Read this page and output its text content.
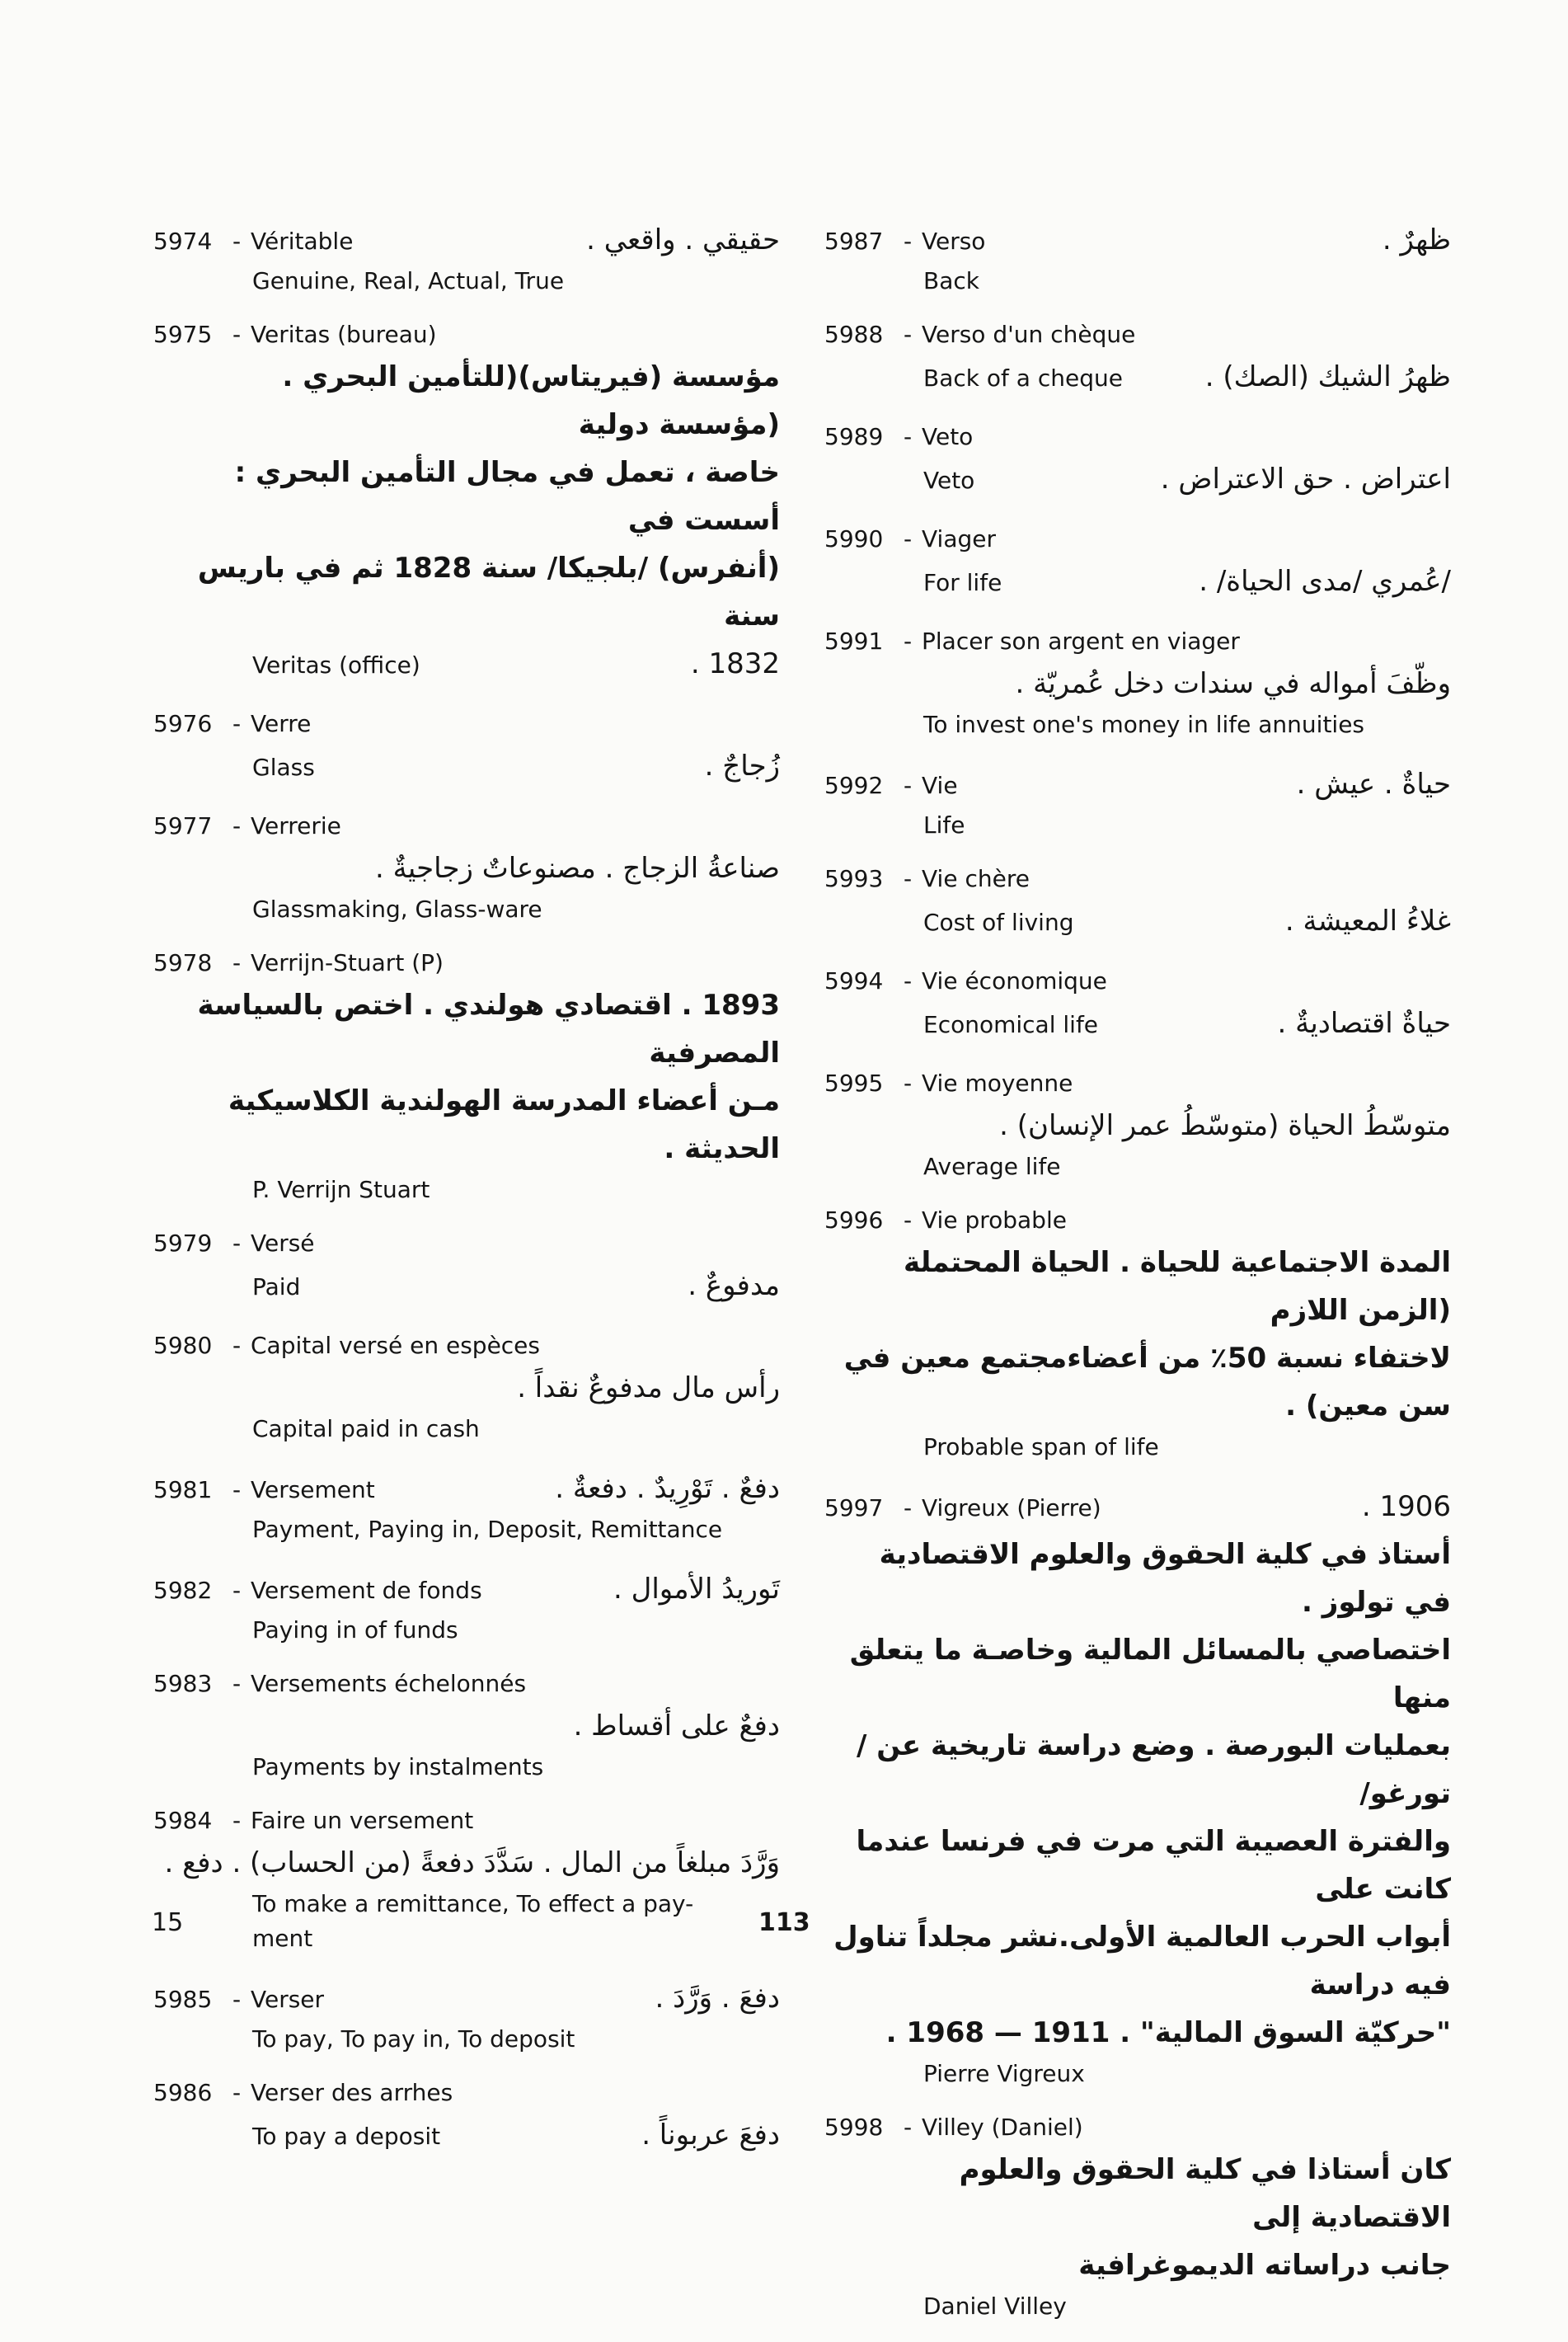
5974 - Véritable	حقيقي . واقعي .
Genuine, Real, Actual, True
5975 - Veritas (bureau)
مؤسسة (فيريتاس)(للتأمين البحري . (مؤسسة دولية
خاصة ، تعمل في مجال التأمين البحري : أسست في
(أنفرس) /بلجيكا/ سنة 1828 ثم في باريس سنة
Veritas (office)	1832 .
5976 - Verre
Glass	زُجاجٌ .
5977 - Verrerie
صناعةُ الزجاج . مصنوعاتٌ زجاجيةٌ .
Glassmaking, Glass-ware
5978 - Verrijn-Stuart (P)
1893 . اقتصادي هولندي . اختص بالسياسة المصرفية
مـن أعضاء المدرسة الهولندية الكلاسيكية الحديثة .
P. Verrijn Stuart
5979 - Versé
Paid	مدفوعٌ .
5980 - Capital versé en espèces
رأس مال مدفوعٌ نقداً .
Capital paid in cash
5981 - Versement	دفعٌ . تَوْرِيدٌ . دفعةٌ .
Payment, Paying in, Deposit, Remittance
5982 - Versement de fonds	تَوريدُ الأموال .
Paying in of funds
5983 - Versements échelonnés
دفعٌ على أقساط .
Payments by instalments
5984 - Faire un versement
وَرَّدَ مبلغاً من المال . سَدَّدَ دفعةً (من الحساب) . دفع .
To make a remittance, To effect a pay-
ment
5985 - Verser	دفعَ . وَرَّدَ .
To pay, To pay in, To deposit
5986 - Verser des arrhes
To pay a deposit	دفعَ عربوناً .
5987 - Verso	ظهرٌ .
Back
5988 - Verso d'un chèque
Back of a cheque	ظهرُ الشيك (الصك) .
5989 - Veto
Veto	اعتراض . حق الاعتراض .
5990 - Viager
For life	/عُمري /مدى الحياة/ .
5991 - Placer son argent en viager
وظّفَ أمواله في سندات دخل عُمريّة .
To invest one's money in life annuities
5992 - Vie	حياةٌ . عيش .
Life
5993 - Vie chère
Cost of living	غلاءُ المعيشة .
5994 - Vie économique
Economical life	حياةٌ اقتصاديةٌ .
5995 - Vie moyenne
متوسّطُ الحياة (متوسّطُ عمر الإنسان) .
Average life
5996 - Vie probable
المدة الاجتماعية للحياة . الحياة المحتملة (الزمن اللازم
لاختفاء نسبة 50٪ من أعضاءمجتمع معين في سن معين) .
Probable span of life
5997 - Vigreux (Pierre)	1906 .
أستاذ في كلية الحقوق والعلوم الاقتصادية في تولوز .
اختصاصي بالمسائل المالية وخاصـة ما يتعلق منها
بعمليات البورصة . وضع دراسة تاريخية عن / تورغو/
والفترة العصيبة التي مرت في فرنسا عندما كانت على
أبواب الحرب العالمية الأولى.نشر مجلداً تناول فيه دراسة
"حركيّة السوق المالية" . 1911 — 1968 .
Pierre Vigreux
5998 - Villey (Daniel)
كان أستاذا في كلية الحقوق والعلوم الاقتصادية إلى
جانب دراساته الديموغرافية
Daniel Villey
15	113
